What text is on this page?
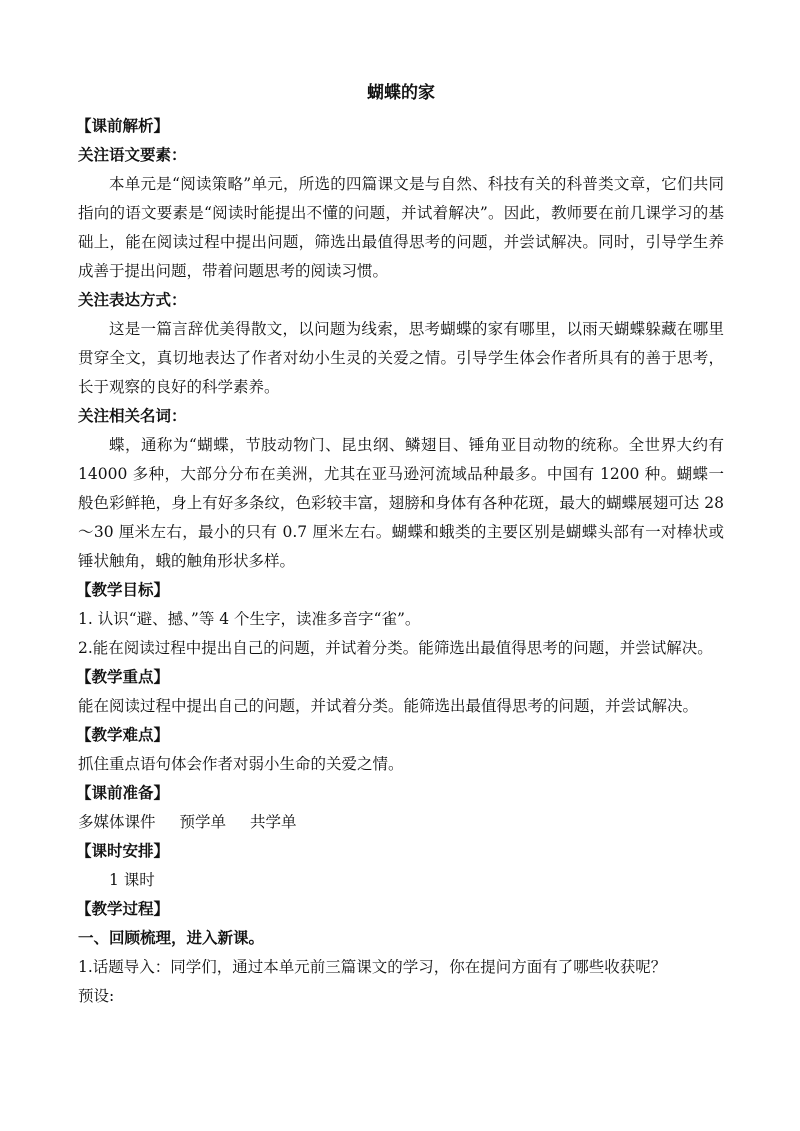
蝴蝶的家
【课前解析】
关注语文要素：
本单元是“阅读策略”单元，所选的四篇课文是与自然、科技有关的科普类文章，它们共同指向的语文要素是“阅读时能提出不懂的问题，并试着解决”。因此，教师要在前几课学习的基础上，能在阅读过程中提出问题，筛选出最值得思考的问题，并尝试解决。同时，引导学生养成善于提出问题，带着问题思考的阅读习惯。
关注表达方式：
这是一篇言辞优美得散文，以问题为线索，思考蝴蝶的家有哪里，以雨天蝴蝶躲藏在哪里贯穿全文，真切地表达了作者对幼小生灵的关爱之情。引导学生体会作者所具有的善于思考，长于观察的良好的科学素养。
关注相关名词：
蝶，通称为“蝴蝶，节肢动物门、昆虫纲、鳞翅目、锤角亚目动物的统称。全世界大约有 14000 多种，大部分分布在美洲，尤其在亚马逊河流域品种最多。中国有 1200 种。蝴蝶一般色彩鲜艳，身上有好多条纹，色彩较丰富，翅膀和身体有各种花斑，最大的蝴蝶展翅可达 28～30 厘米左右，最小的只有 0.7 厘米左右。蝴蝶和蛾类的主要区别是蝴蝶头部有一对棒状或锤状触角，蛾的触角形状多样。
【教学目标】
1. 认识“避、撼、”等 4 个生字，读准多音字“雀”。
2.能在阅读过程中提出自己的问题，并试着分类。能筛选出最值得思考的问题，并尝试解决。
【教学重点】
能在阅读过程中提出自己的问题，并试着分类。能筛选出最值得思考的问题，并尝试解决。
【教学难点】
抓住重点语句体会作者对弱小生命的关爱之情。
【课前准备】
多媒体课件 预学单 共学单
【课时安排】
1 课时
【教学过程】
一、回顾梳理，进入新课。
1.话题导入：同学们，通过本单元前三篇课文的学习，你在提问方面有了哪些收获呢？
预设:
